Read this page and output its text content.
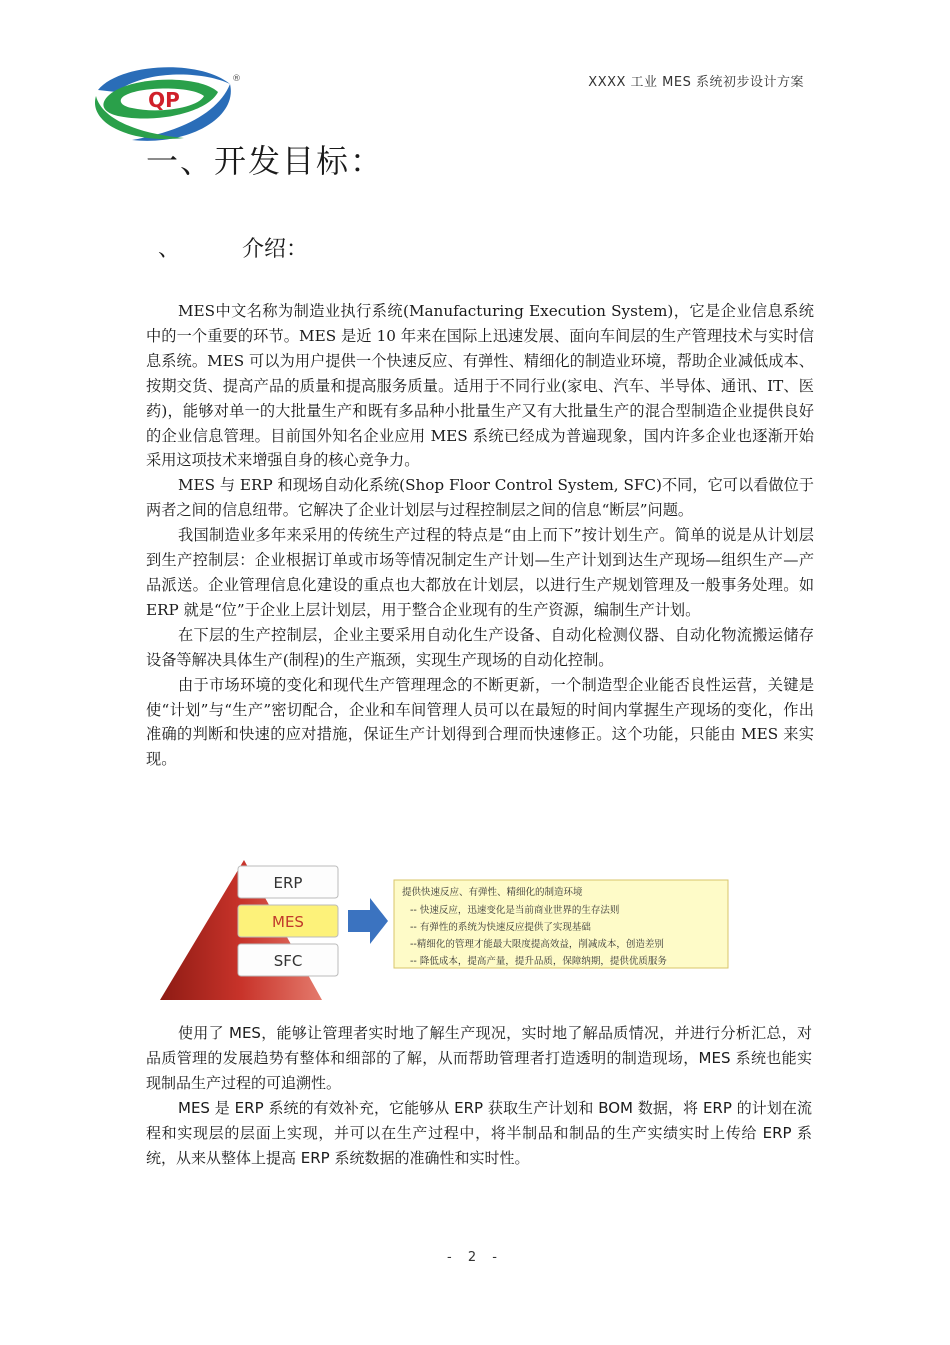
QP
®	XXXX 工业 MES 系统初步设计方案
一、开发目标：
、	介绍：

MES中文名称为制造业执行系统(Manufacturing Execution System)，它是企业信息系统中的一个重要的环节。MES 是近 10 年来在国际上迅速发展、面向车间层的生产管理技术与实时信息系统。MES 可以为用户提供一个快速反应、有弹性、精细化的制造业环境，帮助企业减低成本、按期交货、提高产品的质量和提高服务质量。适用于不同行业(家电、汽车、半导体、通讯、IT、医药)，能够对单一的大批量生产和既有多品种小批量生产又有大批量生产的混合型制造企业提供良好的企业信息管理。目前国外知名企业应用 MES 系统已经成为普遍现象，国内许多企业也逐渐开始采用这项技术来增强自身的核心竞争力。

MES 与 ERP 和现场自动化系统(Shop Floor Control System, SFC)不同，它可以看做位于两者之间的信息纽带。它解决了企业计划层与过程控制层之间的信息“断层”问题。

我国制造业多年来采用的传统生产过程的特点是“由上而下”按计划生产。简单的说是从计划层到生产控制层：企业根据订单或市场等情况制定生产计划—生产计划到达生产现场—组织生产—产品派送。企业管理信息化建设的重点也大都放在计划层，以进行生产规划管理及一般事务处理。如 ERP 就是“位”于企业上层计划层，用于整合企业现有的生产资源，编制生产计划。

在下层的生产控制层，企业主要采用自动化生产设备、自动化检测仪器、自动化物流搬运储存设备等解决具体生产(制程)的生产瓶颈，实现生产现场的自动化控制。

由于市场环境的变化和现代生产管理理念的不断更新，一个制造型企业能否良性运营，关键是使“计划”与“生产”密切配合，企业和车间管理人员可以在最短的时间内掌握生产现场的变化，作出准确的判断和快速的应对措施，保证生产计划得到合理而快速修正。这个功能，只能由 MES 来实现。

ERP
MES
SFC
提供快速反应、有弹性、精细化的制造环境
-- 快速反应，迅速变化是当前商业世界的生存法则
-- 有弹性的系统为快速反应提供了实现基础
--精细化的管理才能最大限度提高效益，削减成本，创造差别
-- 降低成本，提高产量，提升品质，保障纳期，提供优质服务

使用了 MES，能够让管理者实时地了解生产现况，实时地了解品质情况，并进行分析汇总，对品质管理的发展趋势有整体和细部的了解，从而帮助管理者打造透明的制造现场，MES 系统也能实现制品生产过程的可追溯性。

MES 是 ERP 系统的有效补充，它能够从 ERP 获取生产计划和 BOM 数据，将 ERP 的计划在流程和实现层的层面上实现，并可以在生产过程中，将半制品和制品的生产实绩实时上传给 ERP 系统，从来从整体上提高 ERP 系统数据的准确性和实时性。

- 2 -
